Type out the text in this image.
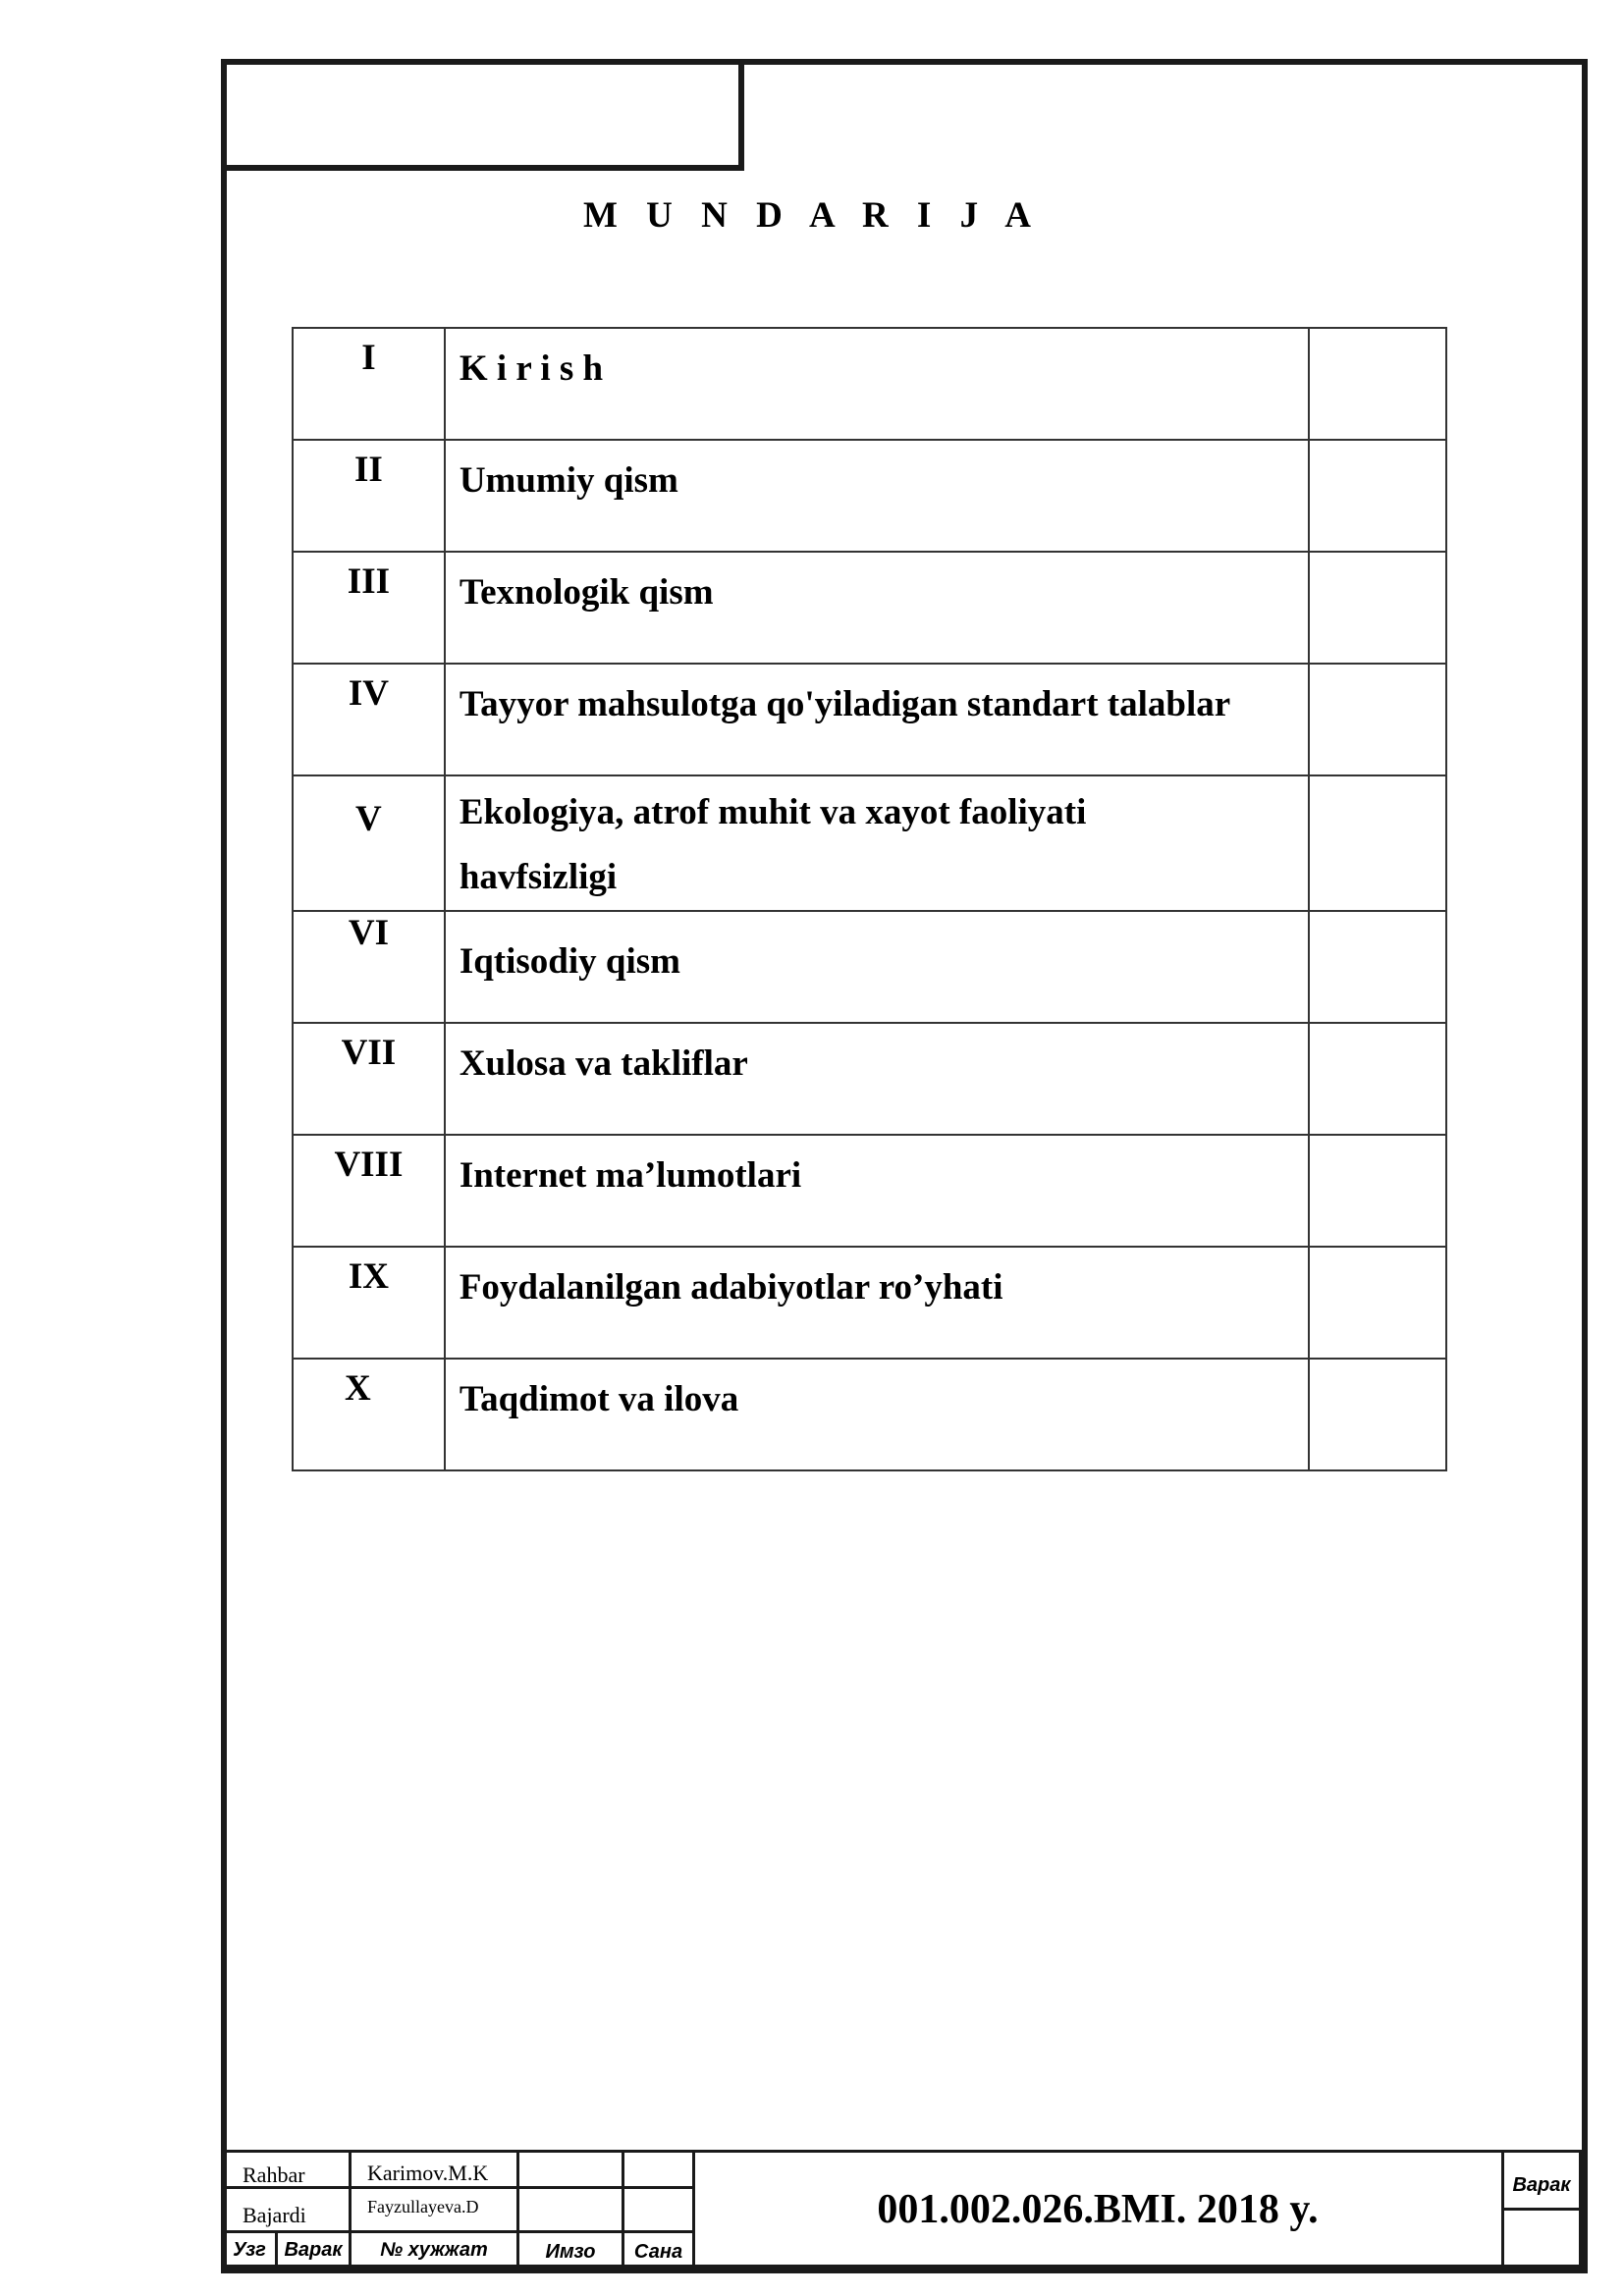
M U N D A R I J A
I	K i r i s h	
II	Umumiy qism	
III	Texnologik qism	
IV	Tayyor mahsulotga qo'yiladigan standart talablar	
V	Ekologiya, atrof muhit va xayot faoliyati
havfsizligi	

VI	Iqtisodiy qism	
VII	Xulosa va takliflar	
VIII	Internet ma’lumotlari	
IX	Foydalanilgan adabiyotlar ro’yhati	
X	Taqdimot va ilova	
Rahbar	Karimov.M.K
Bajardi	Fayzullayeva.D
Узг Варак	№ хужжат	Имзо	Сана
001.002.026.BMI. 2018 y.
Варак
